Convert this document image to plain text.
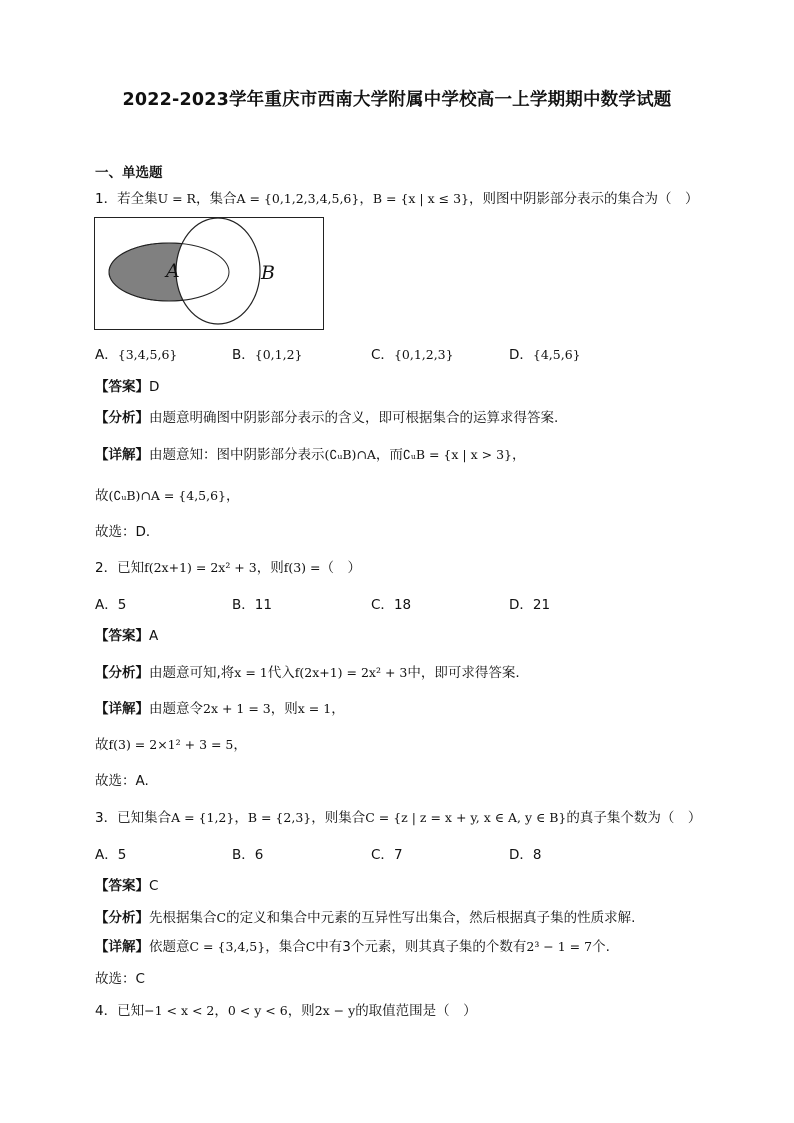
2022-2023学年重庆市西南大学附属中学校高一上学期期中数学试题
一、单选题
1．若全集U = R，集合A = {0,1,2,3,4,5,6}，B = {x | x ≤ 3}，则图中阴影部分表示的集合为（　）
A	B
A．{3,4,5,6}	B．{0,1,2}	C．{0,1,2,3}	D．{4,5,6}
【答案】D
【分析】由题意明确图中阴影部分表示的含义，即可根据集合的运算求得答案.
【详解】由题意知：图中阴影部分表示(∁ᵤB)∩A，而∁ᵤB = {x | x > 3}，
故(∁ᵤB)∩A = {4,5,6}，
故选：D．
2．已知f(2x+1) = 2x² + 3，则f(3) =（　）
A．5	B．11	C．18	D．21
【答案】A
【分析】由题意可知,将x = 1代入f(2x+1) = 2x² + 3中，即可求得答案.
【详解】由题意令2x + 1 = 3，则x = 1，
故f(3) = 2×1² + 3 = 5，
故选：A.
3．已知集合A = {1,2}，B = {2,3}，则集合C = {z | z = x + y, x ∈ A, y ∈ B}的真子集个数为（　）
A．5	B．6	C．7	D．8
【答案】C
【分析】先根据集合C的定义和集合中元素的互异性写出集合，然后根据真子集的性质求解.
【详解】依题意C = {3,4,5}，集合C中有3个元素，则其真子集的个数有2³ − 1 = 7个.
故选：C
4．已知−1 < x < 2，0 < y < 6，则2x − y的取值范围是（　）
